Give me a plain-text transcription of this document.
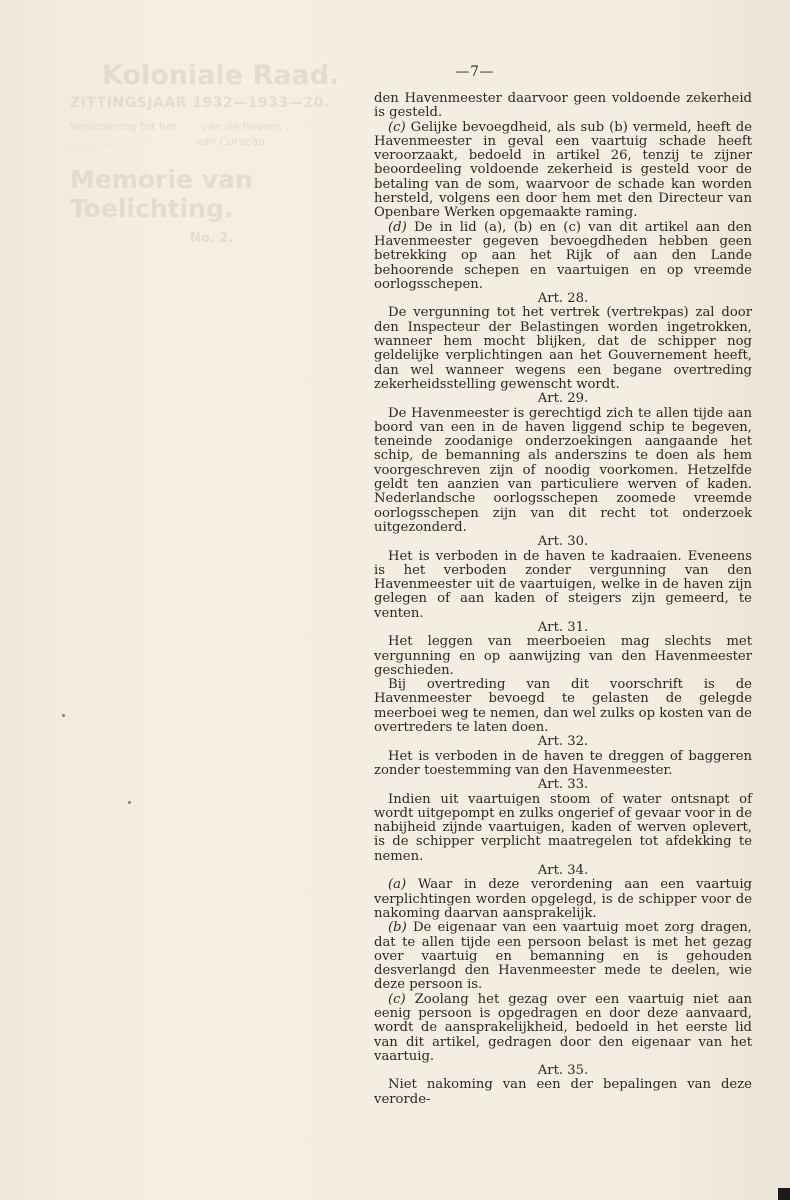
Koloniale Raad.
ZITTINGSJAAR 1932—1933—20.
Verordening tot het . . . van de havens . . . . . . . . . . . . . . . . . . . . . van Curaçao.
Memorie van Toelichting.
No. 2.
—7—

den Havenmeester daarvoor geen voldoende zekerheid is gesteld.

(c) Gelijke bevoegdheid, als sub (b) vermeld, heeft de Havenmeester in geval een vaartuig schade heeft veroorzaakt, bedoeld in artikel 26, tenzij te zijner beoordeeling voldoende zekerheid is gesteld voor de betaling van de som, waarvoor de schade kan worden hersteld, volgens een door hem met den Directeur van Openbare Werken opgemaakte raming.

(d) De in lid (a), (b) en (c) van dit artikel aan den Havenmeester gegeven bevoegdheden hebben geen betrekking op aan het Rijk of aan den Lande behoorende schepen en vaartuigen en op vreemde oorlogsschepen.

Art. 28.

De vergunning tot het vertrek (vertrekpas) zal door den Inspecteur der Belastingen worden ingetrokken, wanneer hem mocht blijken, dat de schipper nog geldelijke verplichtingen aan het Gouvernement heeft, dan wel wanneer wegens een begane overtreding zekerheidsstelling gewenscht wordt.

Art. 29.

De Havenmeester is gerechtigd zich te allen tijde aan boord van een in de haven liggend schip te begeven, teneinde zoodanige onderzoekingen aangaande het schip, de bemanning als anderszins te doen als hem voorgeschreven zijn of noodig voorkomen. Hetzelfde geldt ten aanzien van particuliere werven of kaden. Nederlandsche oorlogsschepen zoomede vreemde oorlogsschepen zijn van dit recht tot onderzoek uitgezonderd.

Art. 30.

Het is verboden in de haven te kadraaien. Eveneens is het verboden zonder vergunning van den Havenmeester uit de vaartuigen, welke in de haven zijn gelegen of aan kaden of steigers zijn gemeerd, te venten.

Art. 31.

Het leggen van meerboeien mag slechts met vergunning en op aanwijzing van den Havenmeester geschieden.

Bij overtreding van dit voorschrift is de Havenmeester bevoegd te gelasten de gelegde meerboei weg te nemen, dan wel zulks op kosten van de overtreders te laten doen.

Art. 32.

Het is verboden in de haven te dreggen of baggeren zonder toestemming van den Havenmeester.

Art. 33.

Indien uit vaartuigen stoom of water ontsnapt of wordt uitgepompt en zulks ongerief of gevaar voor in de nabijheid zijnde vaartuigen, kaden of werven oplevert, is de schipper verplicht maatregelen tot afdekking te nemen.

Art. 34.

(a) Waar in deze verordening aan een vaartuig verplichtingen worden opgelegd, is de schipper voor de nakoming daarvan aansprakelijk.

(b) De eigenaar van een vaartuig moet zorg dragen, dat te allen tijde een persoon belast is met het gezag over vaartuig en bemanning en is gehouden desverlangd den Havenmeester mede te deelen, wie deze persoon is.

(c) Zoolang het gezag over een vaartuig niet aan eenig persoon is opgedragen en door deze aanvaard, wordt de aansprakelijkheid, bedoeld in het eerste lid van dit artikel, gedragen door den eigenaar van het vaartuig.

Art. 35.

Niet nakoming van een der bepalingen van deze verorde-
